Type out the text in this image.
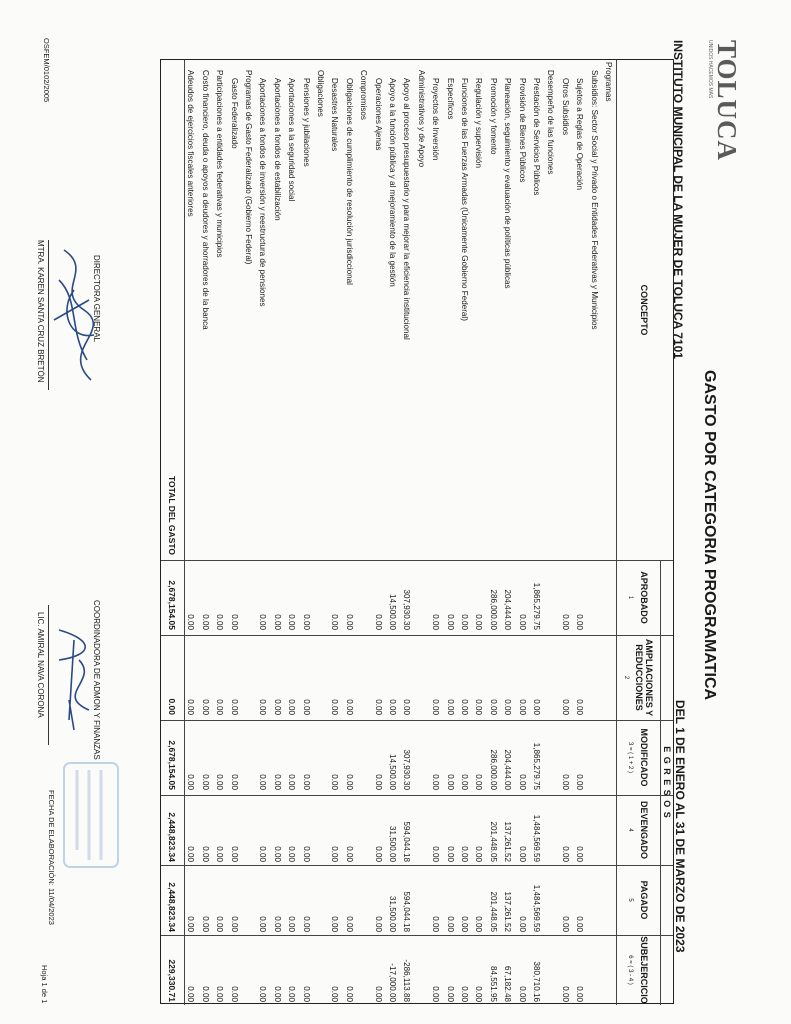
TOLUCA
UNIDOS HACEMOS MÁS
GASTO POR CATEGORIA PROGRAMATICA
INSTITUTO MUNICIPAL DE LA MUJER DE TOLUCA 7101
DEL 1 DE ENERO AL 31 DE MARZO DE 2023
CONCEPTO
E G R E S O S
APROBADO
1
AMPLIACIONES Y REDUCCIONES
2
MODIFICADO
3 = ( 1 + 2 )
DEVENGADO
4
PAGADO
5
SUBEJERCICIO
6 = ( 3 - 4 )
Programas
Subsidios: Sector Social y Privado o Entidades Federativas y Municipios
Sujetos a Reglas de Operación
0.00
0.00
0.00
0.00
0.00
0.00
Otros Subsidios
0.00
0.00
0.00
0.00
0.00
0.00
Desempeño de las funciones
Prestación de Servicios Públicos
1,865,279.75
0.00
1,865,279.75
1,484,569.59
1,484,569.59
380,710.16
Provisión de Bienes Públicos
0.00
0.00
0.00
0.00
0.00
0.00
Planeación, seguimiento y evaluación de políticas públicas
204,444.00
0.00
204,444.00
137,261.52
137,261.52
67,182.48
Promoción y fomento
286,000.00
0.00
286,000.00
201,448.05
201,448.05
84,551.95
Regulación y supervisión
0.00
0.00
0.00
0.00
0.00
0.00
Funciones de las Fuerzas Armadas (Únicamente Gobierno Federal)
0.00
0.00
0.00
0.00
0.00
0.00
Específicos
0.00
0.00
0.00
0.00
0.00
0.00
Proyectos de Inversión
0.00
0.00
0.00
0.00
0.00
0.00
Administrativos y de Apoyo
Apoyo al proceso presupuestario y para mejorar la eficiencia institucional
307,930.30
0.00
307,930.30
594,044.18
594,044.18
-286,113.88
Apoyo a la función pública y al mejoramiento de la gestión
14,500.00
0.00
14,500.00
31,500.00
31,500.00
-17,000.00
Operaciones Ajenas
0.00
0.00
0.00
0.00
0.00
0.00
Compromisos
Obligaciones de cumplimiento de resolución jurisdiccional
0.00
0.00
0.00
0.00
0.00
0.00
Desastres Naturales
0.00
0.00
0.00
0.00
0.00
0.00
Obligaciones
Pensiones y jubilaciones
0.00
0.00
0.00
0.00
0.00
0.00
Aportaciones a la seguridad social
0.00
0.00
0.00
0.00
0.00
0.00
Aportaciones a fondos de estabilización
0.00
0.00
0.00
0.00
0.00
0.00
Aportaciones a fondos de inversión y reestructura de pensiones
0.00
0.00
0.00
0.00
0.00
0.00
Programas de Gasto Federalizado (Gobierno Federal)
Gasto Federalizado
0.00
0.00
0.00
0.00
0.00
0.00
Participaciones a entidades federativas y municipios
0.00
0.00
0.00
0.00
0.00
0.00
Costo financiero, deuda o apoyos a deudores y ahorradores de la banca
0.00
0.00
0.00
0.00
0.00
0.00
Adeudos de ejercicios fiscales anteriores
0.00
0.00
0.00
0.00
0.00
0.00
TOTAL DEL GASTO
2,678,154.05
0.00
2,678,154.05
2,448,823.34
2,448,823.34
229,330.71
DIRECTORA GENERAL
MTRA. KAREN SANTA CRUZ BRETÓN
COORDINADORA DE ADMON Y FINANZAS
LIC. AMIRAL NAVA CORONA
OSFEM/0102/2005
FECHA DE ELABORACIÓN: 11/04/2023
Hoja 1 de 1
